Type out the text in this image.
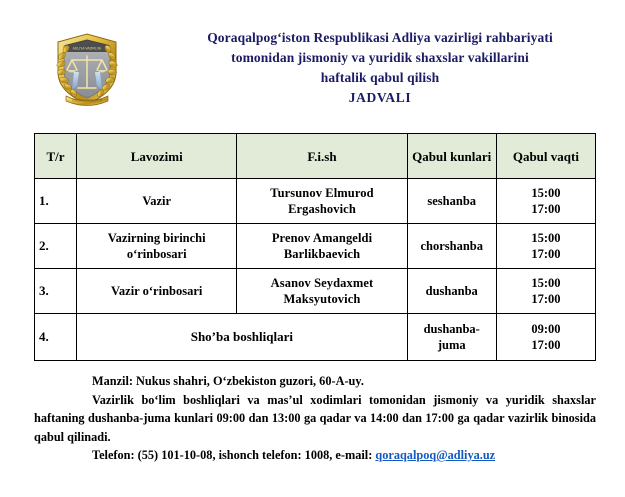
ADLIYA VAZIRLIGI
O\u2018ZBEKISTON
Qoraqalpog‘iston Respublikasi Adliya vazirligi rahbariyati
tomonidan jismoniy va yuridik shaxslar vakillarini
haftalik qabul qilish
JADVALI
T/r	Lavozimi	F.i.sh	Qabul kunlari	Qabul vaqti
1.	Vazir	Tursunov Elmurod Ergashovich	seshanba	15:00
17:00

2.	Vazirning birinchi o‘rinbosari	Prenov Amangeldi Barlikbaevich	chorshanba	15:00
17:00

3.	Vazir o‘rinbosari	Asanov Seydaxmet Maksyutovich	dushanba	15:00
17:00

4.	Sho’ba boshliqlari		dushanba-juma	09:00
17:00

Manzil: Nukus shahri, O‘zbekiston guzori, 60-A-uy.

Vazirlik bo‘lim boshliqlari va mas’ul xodimlari tomonidan jismoniy va yuridik shaxslar haftaning dushanba-juma kunlari 09:00 dan 13:00 ga qadar va 14:00 dan 17:00 ga qadar vazirlik binosida qabul qilinadi.

Telefon: (55) 101-10-08, ishonch telefon: 1008, e-mail: qoraqalpoq@adliya.uz
